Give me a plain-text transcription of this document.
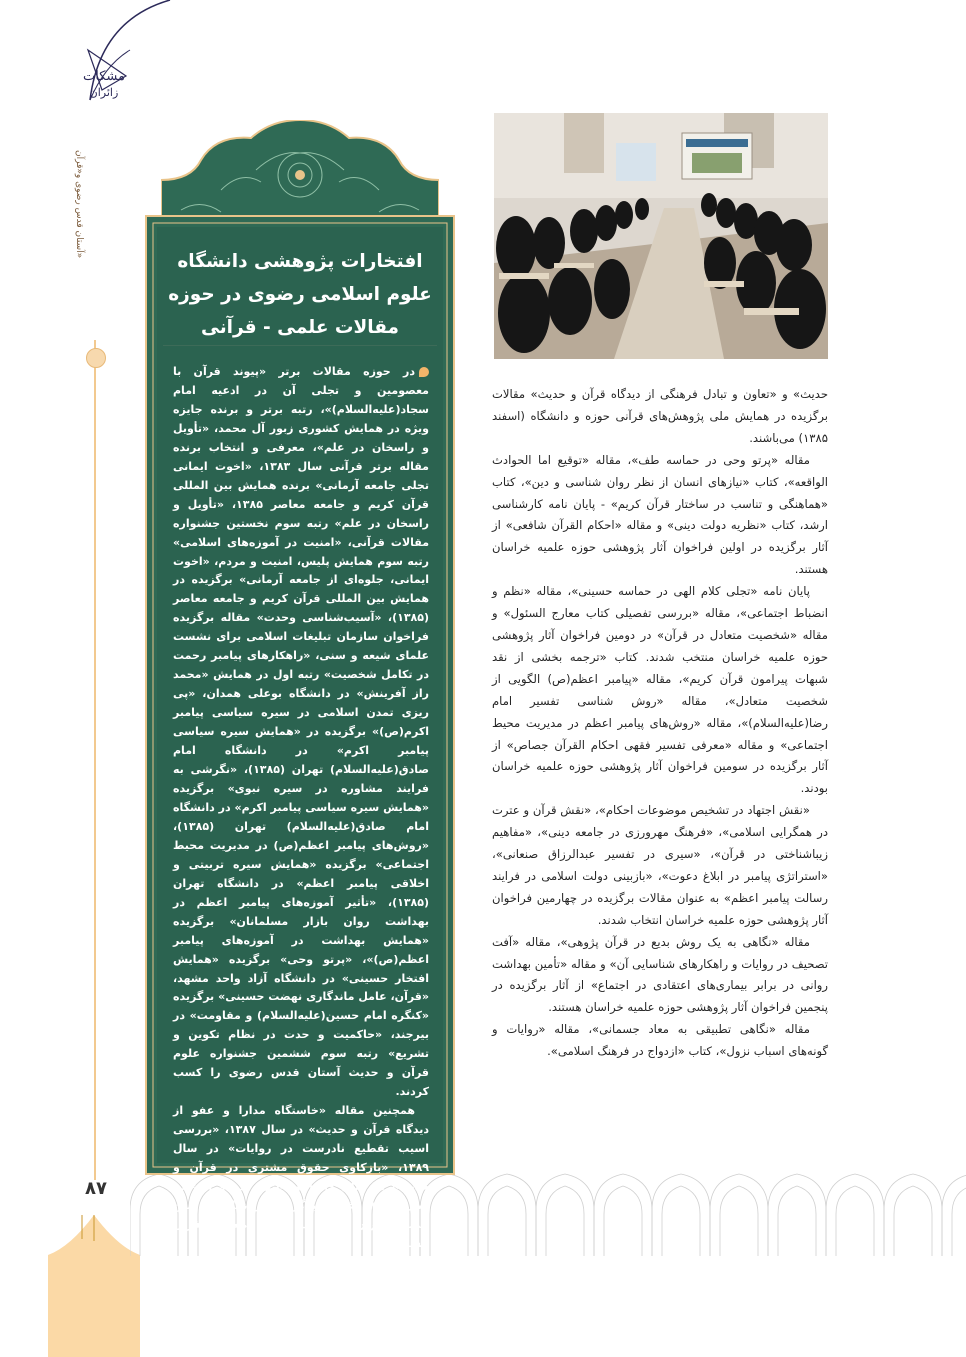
مشکات
زائران
آستان قدس رضوی و«قرآن»
۸۷

حدیث» و «تعاون و تبادل فرهنگی از دیدگاه قرآن و حدیث» مقالات برگزیده در همایش ملی پژوهش‌های قرآنی حوزه و دانشگاه (اسفند ۱۳۸۵) می‌باشند.

مقاله «پرتو وحی در حماسه طف»، مقاله «توقیع اما الحوادث الواقعه»، کتاب «نیازهای انسان از نظر روان شناسی و دین»، کتاب «هماهنگی و تناسب در ساختار قرآن کریم» - پایان نامه کارشناسی ارشد، کتاب «نظریه دولت دینی» و مقاله «احکام القرآن شافعی» از آثار برگزیده در اولین فراخوان آثار پژوهشی حوزه علمیه خراسان هستند.

پایان نامه «تجلی کلام الهی در حماسه حسینی»، مقاله «نظم و انضباط اجتماعی»، مقاله «بررسی تفصیلی کتاب معارج السئول» و مقاله «شخصیت متعادل در قرآن» در دومین فراخوان آثار پژوهشی حوزه علمیه خراسان منتخب شدند. کتاب «ترجمه بخشی از نقد شبهات پیرامون قرآن کریم»، مقاله «پیامبر اعظم(ص) الگویی از شخصیت متعادل»، مقاله «روش شناسی تفسیر امام رضا(علیه‌السلام)»، مقاله «روش‌های پیامبر اعظم در مدیریت محیط اجتماعی» و مقاله «معرفی تفسیر فقهی احکام القرآن جصاص» از آثار برگزیده در سومین فراخوان آثار پژوهشی حوزه علمیه خراسان بودند.

«نقش اجتهاد در تشخیص موضوعات احکام»، «نقش قرآن و عترت در همگرایی اسلامی»، «فرهنگ مهرورزی در جامعه دینی»، «مفاهیم زیباشناختی در قرآن»، «سیری در تفسیر عبدالرزاق صنعانی»، «استراتژی پیامبر در ابلاغ دعوت»، «بازبینی دولت اسلامی در فرایند رسالت پیامبر اعظم» به عنوان مقالات برگزیده در چهارمین فراخوان آثار پژوهشی حوزه علمیه خراسان انتخاب شدند.

مقاله «نگاهی به یک روش بدیع در قرآن پژوهی»، مقاله «آفت تصحیف در روایات و راهکارهای شناسایی آن» و مقاله «تأمین بهداشت روانی در برابر بیماری‌های اعتقادی در اجتماع» از آثار برگزیده در پنجمین فراخوان آثار پژوهشی حوزه علمیه خراسان هستند.

مقاله «نگاهی تطبیقی به معاد جسمانی»، مقاله «روایات و گونه‌های اسباب نزول»، کتاب «ازدواج در فرهنگ اسلامی».

افتخارات پژوهشی دانشگاه
علوم اسلامی رضوی در حوزه
مقالات علمی - قرآنی

در حوزه مقالات برتر «پیوند قرآن با معصومین و تجلی آن در ادعیه امام سجاد(علیه‌السلام)»، رتبه برتر و برنده جایزه ویژه در همایش کشوری زبور آل محمد، «تأویل و راسخان در علم»، معرفی و انتخاب برنده مقاله برتر قرآنی سال ۱۳۸۳، «اخوت ایمانی تجلی جامعه آرمانی» برنده همایش بین المللی قرآن کریم و جامعه معاصر ۱۳۸۵، «تأویل و راسخان در علم» رتبه سوم نخستین جشنواره مقالات قرآنی، «امنیت در آموزه‌های اسلامی» رتبه سوم همایش پلیس، امنیت و مردم، «اخوت ایمانی، جلوه‌ای از جامعه آرمانی» برگزیده در همایش بین المللی قرآن کریم و جامعه معاصر (۱۳۸۵)، «آسیب‌شناسی وحدت» مقاله برگزیده فراخوان سازمان تبلیغات اسلامی برای نشست علمای شیعه و سنی، «راهکارهای پیامبر رحمت در تکامل شخصیت» رتبه اول در همایش «محمد راز آفرینش» در دانشگاه بوعلی همدان، «پی ریزی تمدن اسلامی در سیره سیاسی پیامبر اکرم(ص)» برگزیده در «همایش سیره سیاسی پیامبر اکرم» در دانشگاه امام صادق(علیه‌السلام) تهران (۱۳۸۵)، «نگرشی به فرایند مشاوره در سیره نبوی» برگزیده «همایش سیره سیاسی پیامبر اکرم» در دانشگاه امام صادق(علیه‌السلام) تهران (۱۳۸۵)، «روش‌های پیامبر اعظم(ص) در مدیریت محیط اجتماعی» برگزیده «همایش سیره تربیتی و اخلاقی پیامبر اعظم» در دانشگاه تهران (۱۳۸۵)، «تأثیر آموزه‌های پیامبر اعظم در بهداشت روان بازار مسلمانان» برگزیده «همایش بهداشت در آموزه‌های پیامبر اعظم(ص)»، «پرتو وحی» برگزیده «همایش افتخار حسینی» در دانشگاه آزاد واحد مشهد، «قرآن، عامل ماندگاری نهضت حسینی» برگزیده «کنگره امام حسین(علیه‌السلام) و مقاومت» در بیرجند، «حاکمیت و حدت در نظام تکوین و تشریع» رتبه سوم ششمین جشنواره علوم قرآن و حدیث آستان قدس رضوی را کسب کردند.

همچنین مقاله «خاستگاه مدارا و عفو از دیدگاه قرآن و حدیث» در سال ۱۳۸۷، «بررسی اسیب تقطیع نادرست در روایات» در سال ۱۳۸۹، «بازکاوی حقوق مشتری در قرآن و حدیث» در سال ۱۳۸۹ و «ایهام در قرآن» در سال ۱۳۸۹ مقالات برگزیده در نمایشگاه بین المللی قرآن کریم در حوزه معارف قرآن هستند.
